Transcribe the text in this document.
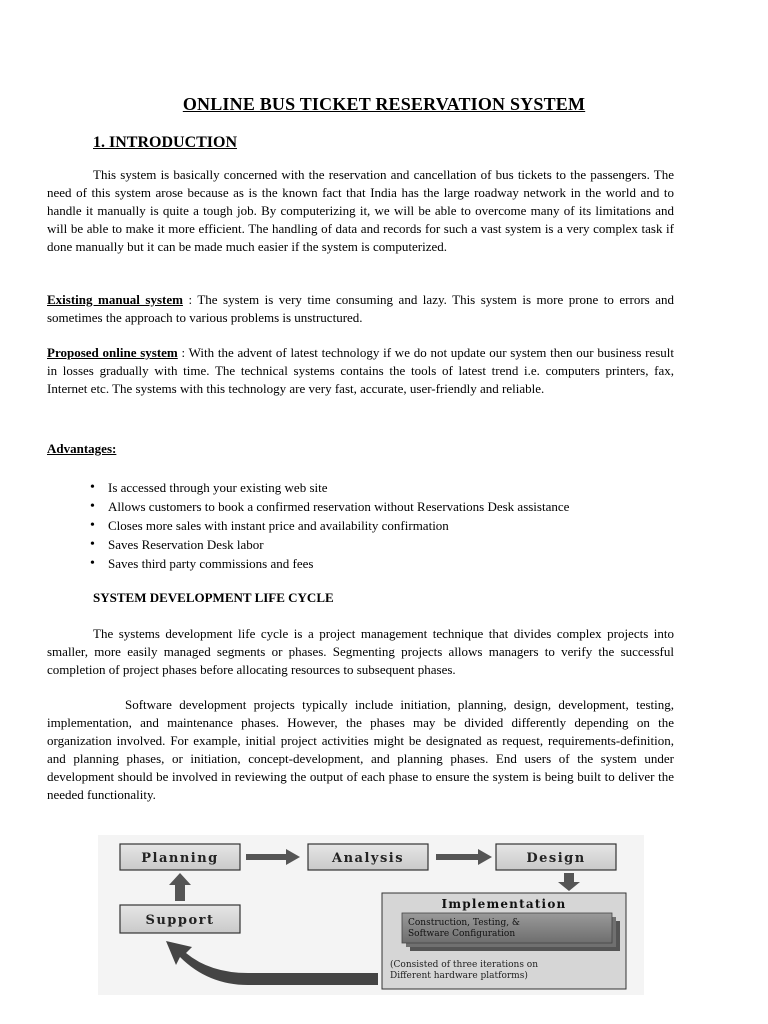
ONLINE BUS TICKET RESERVATION SYSTEM
1. INTRODUCTION

This system is basically concerned with the reservation and cancellation of bus tickets to the passengers. The need of this system arose because as is the known fact that India has the large roadway network in the world and to handle it manually is quite a tough job. By computerizing it, we will be able to overcome many of its limitations and will be able to make it more efficient. The handling of data and records for such a vast system is a very complex task if done manually but it can be made much easier if the system is computerized.

Existing manual system : The system is very time consuming and lazy. This system is more prone to errors and sometimes the approach to various problems is unstructured.

Proposed online system : With the advent of latest technology if we do not update our system then our business result in losses gradually with time. The technical systems contains the tools of latest trend i.e. computers printers, fax, Internet etc. The systems with this technology are very fast, accurate, user-friendly and reliable.

Advantages:
• Is accessed through your existing web site
• Allows customers to book a confirmed reservation without Reservations Desk assistance
• Closes more sales with instant price and availability confirmation
• Saves Reservation Desk labor
• Saves third party commissions and fees
SYSTEM DEVELOPMENT LIFE CYCLE

The systems development life cycle is a project management technique that divides complex projects into smaller, more easily managed segments or phases. Segmenting projects allows managers to verify the successful completion of project phases before allocating resources to subsequent phases.

Software development projects typically include initiation, planning, design, development, testing, implementation, and maintenance phases. However, the phases may be divided differently depending on the organization involved. For example, initial project activities might be designated as request, requirements-definition, and planning phases, or initiation, concept-development, and planning phases. End users of the system under development should be involved in reviewing the output of each phase to ensure the system is being built to deliver the needed functionality.

Planning	Analysis	Design
Implementation
Construction, Testing, &
Software Configuration
(Consisted of three iterations on
Different hardware platforms)
Support
